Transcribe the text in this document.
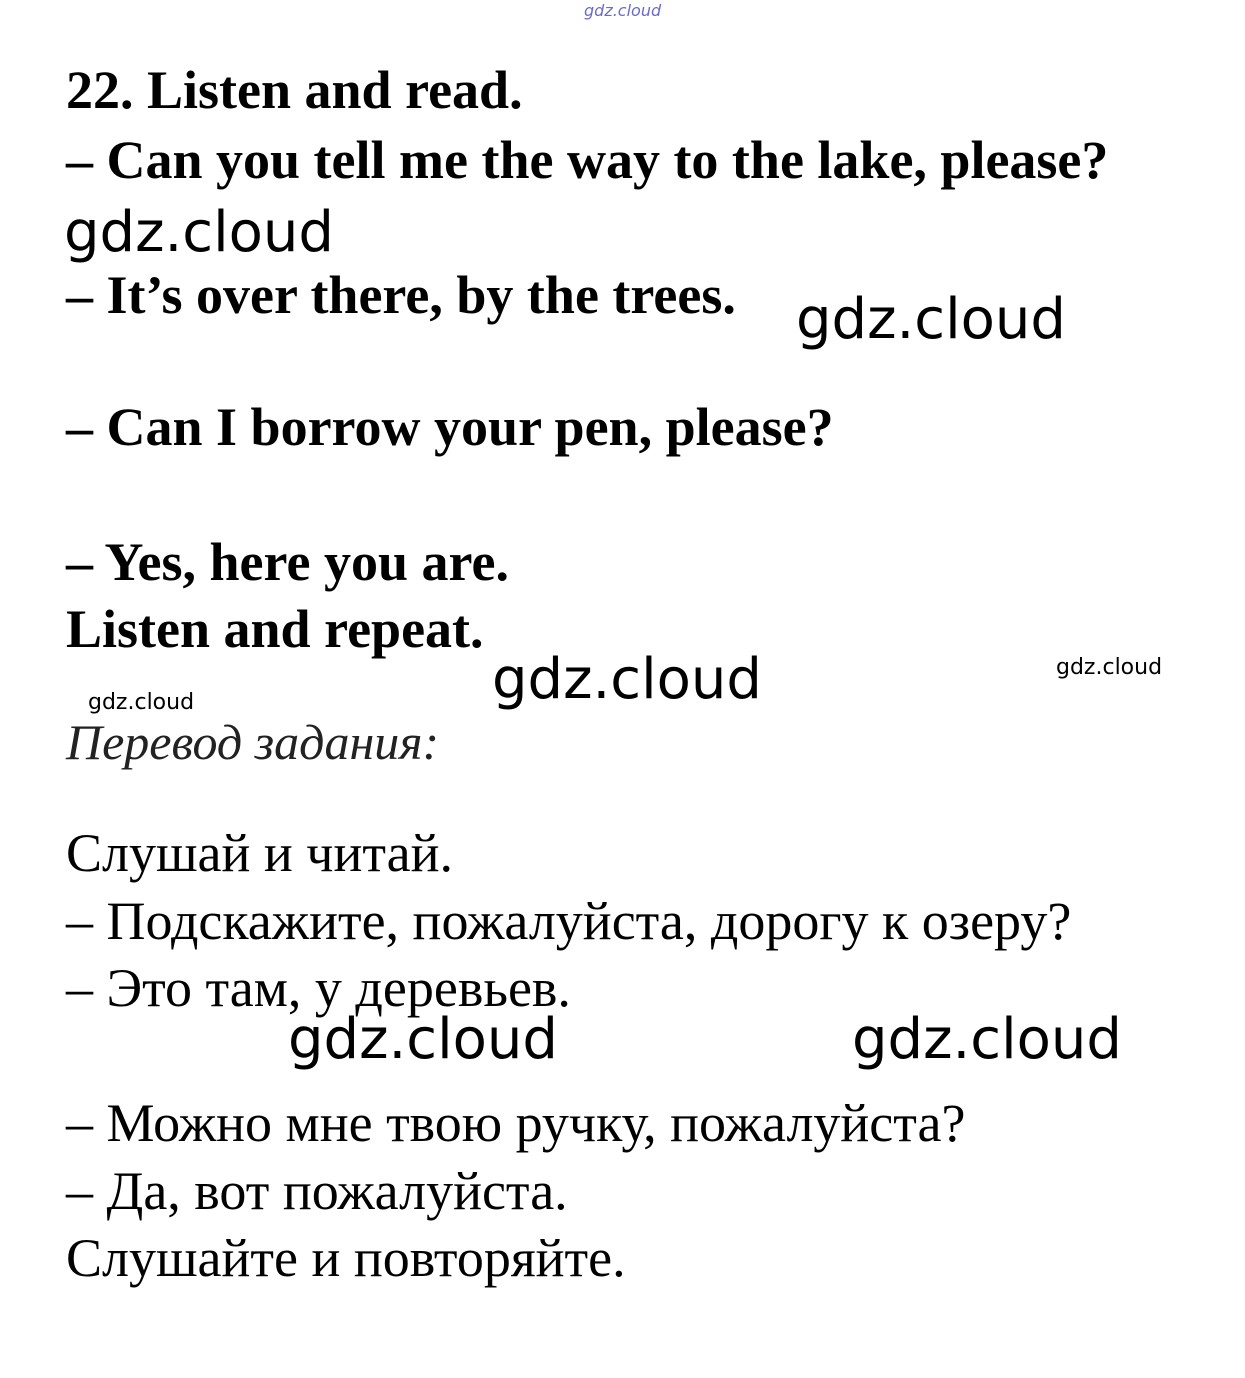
gdz.cloud
22. Listen and read.
– Can you tell me the way to the lake, please?
gdz.cloud
– It’s over there, by the trees. gdz.cloud
– Can I borrow your pen, please?
– Yes, here you are.
Listen and repeat.
gdz.cloud	gdz.cloud
gdz.cloud
Перевод задания:
Слушай и читай.
– Подскажите, пожалуйста, дорогу к озеру?
– Это там, у деревьев.
gdz.cloud	gdz.cloud
– Можно мне твою ручку, пожалуйста?
– Да, вот пожалуйста.
Слушайте и повторяйте.
